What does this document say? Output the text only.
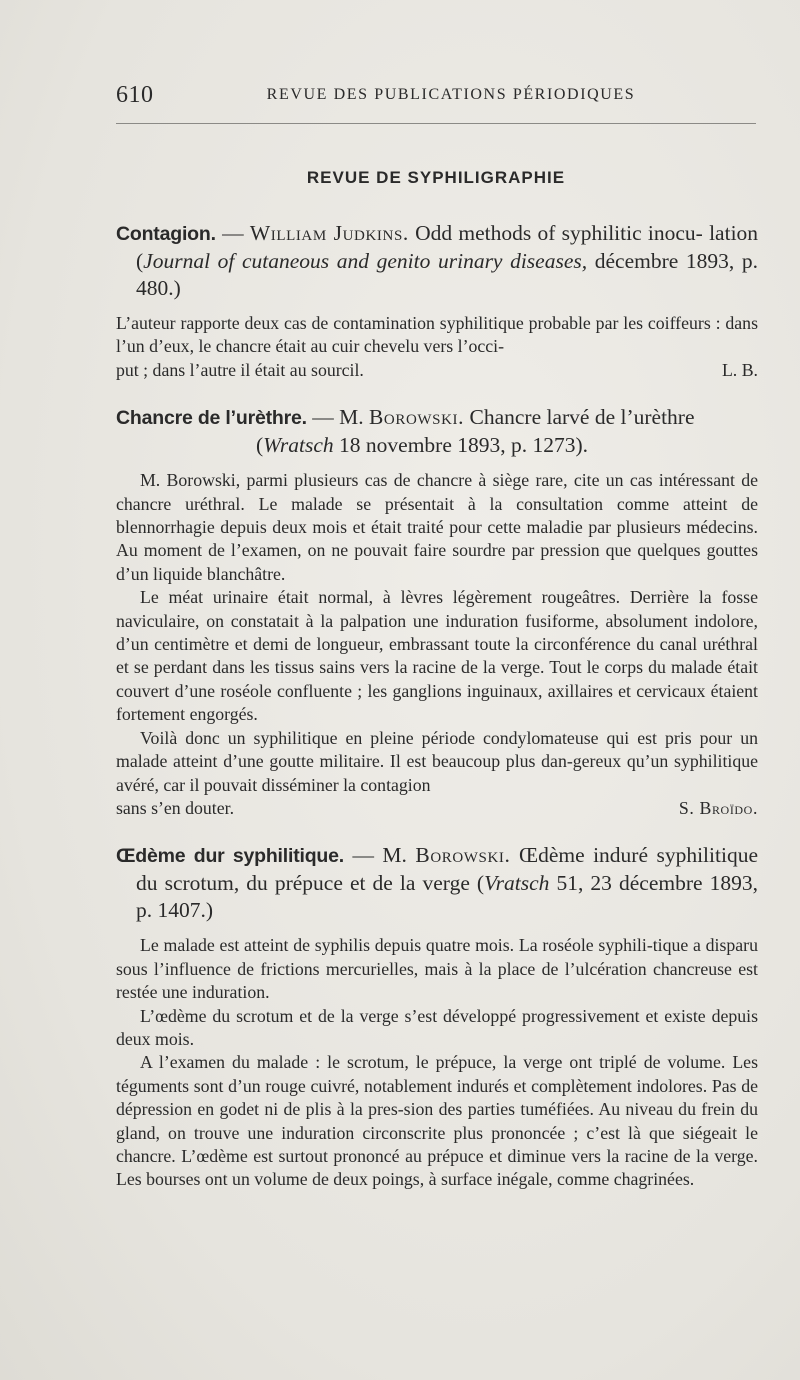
610	REVUE DES PUBLICATIONS PÉRIODIQUES
REVUE DE SYPHILIGRAPHIE
Contagion. — William Judkins. Odd methods of syphilitic inocu- lation (Journal of cutaneous and genito urinary diseases, décembre 1893, p. 480.)

L’auteur rapporte deux cas de contamination syphilitique probable par les coiffeurs : dans l’un d’eux, le chancre était au cuir chevelu vers l’occi-

put ; dans l’autre il était au sourcil.	L. B.
Chancre de l’urèthre. — M. Borowski. Chancre larvé de l’urèthre
(Wratsch 18 novembre 1893, p. 1273).

M. Borowski, parmi plusieurs cas de chancre à siège rare, cite un cas intéressant de chancre uréthral. Le malade se présentait à la consultation comme atteint de blennorrhagie depuis deux mois et était traité pour cette maladie par plusieurs médecins. Au moment de l’examen, on ne pouvait faire sourdre par pression que quelques gouttes d’un liquide blanchâtre.

Le méat urinaire était normal, à lèvres légèrement rougeâtres. Derrière la fosse naviculaire, on constatait à la palpation une induration fusiforme, absolument indolore, d’un centimètre et demi de longueur, embrassant toute la circonférence du canal uréthral et se perdant dans les tissus sains vers la racine de la verge. Tout le corps du malade était couvert d’une roséole confluente ; les ganglions inguinaux, axillaires et cervicaux étaient fortement engorgés.

Voilà donc un syphilitique en pleine période condylomateuse qui est pris pour un malade atteint d’une goutte militaire. Il est beaucoup plus dan-gereux qu’un syphilitique avéré, car il pouvait disséminer la contagion

sans s’en douter.	S. Broïdo.
Œdème dur syphilitique. — M. Borowski. Œdème induré syphilitique du scrotum, du prépuce et de la verge (Vratsch 51, 23 décembre 1893, p. 1407.)

Le malade est atteint de syphilis depuis quatre mois. La roséole syphili-tique a disparu sous l’influence de frictions mercurielles, mais à la place de l’ulcération chancreuse est restée une induration.

L’œdème du scrotum et de la verge s’est développé progressivement et existe depuis deux mois.

A l’examen du malade : le scrotum, le prépuce, la verge ont triplé de volume. Les téguments sont d’un rouge cuivré, notablement indurés et complètement indolores. Pas de dépression en godet ni de plis à la pres-sion des parties tuméfiées. Au niveau du frein du gland, on trouve une induration circonscrite plus prononcée ; c’est là que siégeait le chancre. L’œdème est surtout prononcé au prépuce et diminue vers la racine de la verge. Les bourses ont un volume de deux poings, à surface inégale, comme chagrinées.
